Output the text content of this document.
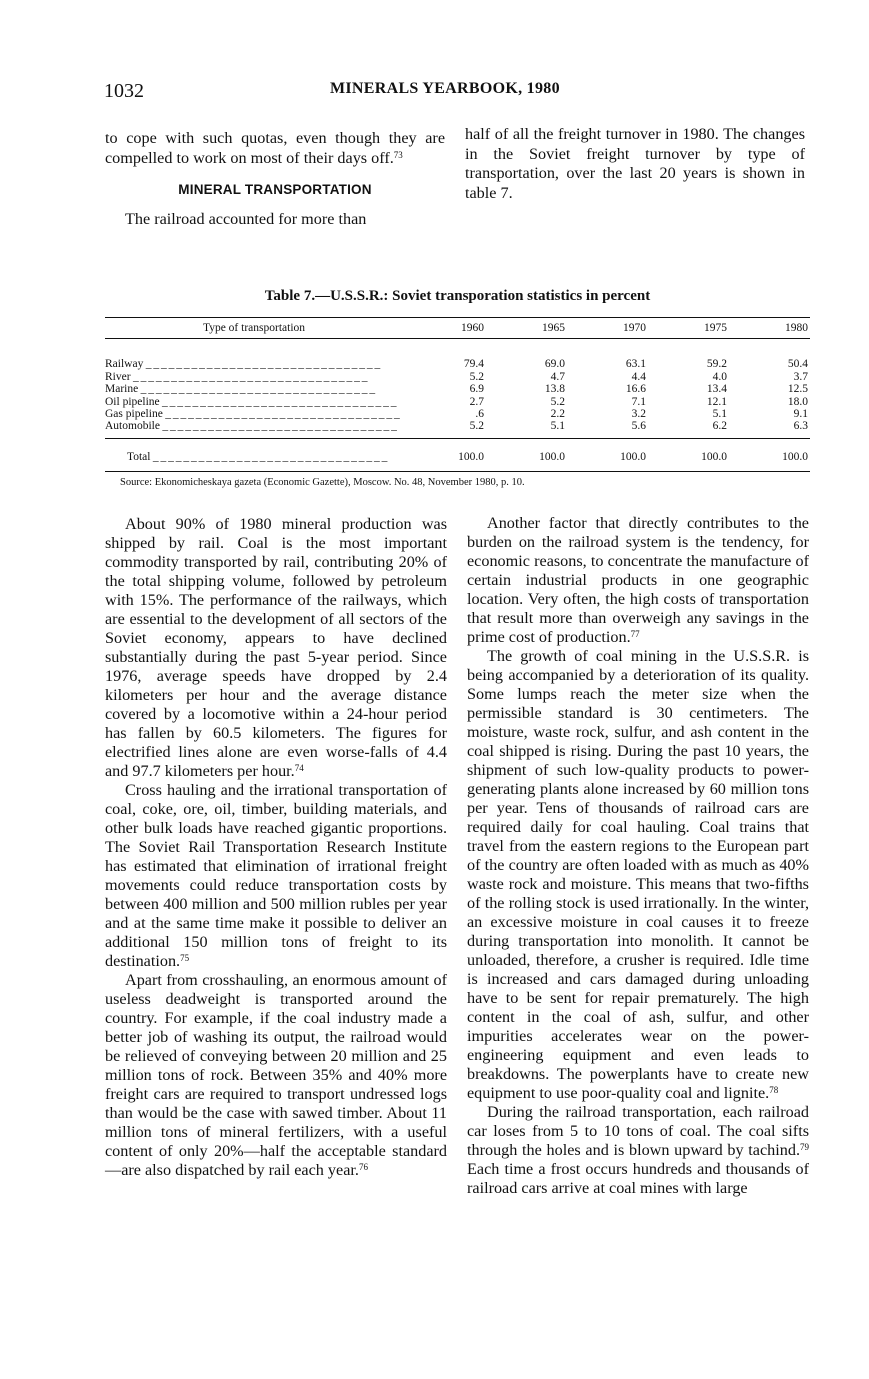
1032	MINERALS YEARBOOK, 1980

to cope with such quotas, even though they are compelled to work on most of their days off.$^{73}$

MINERAL TRANSPORTATION

The railroad accounted for more than

half of all the freight turnover in 1980. The changes in the Soviet freight turnover by type of transportation, over the last 20 years is shown in table 7.

Table 7.—U.S.S.R.: Soviet transporation statistics in percent
Type of transportation	1960	1965	1970	1975	1980
Railway _ _ _	79.4	69.0	63.1	59.2	50.4
River _ _ _	5.2	4.7	4.4	4.0	3.7
Marine _ _ _	6.9	13.8	16.6	13.4	12.5
Oil pipeline _ _ _	2.7	5.2	7.1	12.1	18.0
Gas pipeline _ _ _	.6	2.2	3.2	5.1	9.1
Automobile _ _ _	5.2	5.1	5.6	6.2	6.3
Total _ _ _	100.0	100.0	100.0	100.0	100.0
Source: Ekonomicheskaya gazeta (Economic Gazette), Moscow. No. 48, November 1980, p. 10.

About 90% of 1980 mineral production was shipped by rail. Coal is the most important commodity transported by rail, contributing 20% of the total shipping volume, followed by petroleum with 15%. The performance of the railways, which are essential to the development of all sectors of the Soviet economy, appears to have declined substantially during the past 5-year period. Since 1976, average speeds have dropped by 2.4 kilometers per hour and the average distance covered by a locomotive within a 24-hour period has fallen by 60.5 kilometers. The figures for electrified lines alone are even worse-falls of 4.4 and 97.7 kilometers per hour.$^{74}$

Cross hauling and the irrational transportation of coal, coke, ore, oil, timber, building materials, and other bulk loads have reached gigantic proportions. The Soviet Rail Transportation Research Institute has estimated that elimination of irrational freight movements could reduce transportation costs by between 400 million and 500 million rubles per year and at the same time make it possible to deliver an additional 150 million tons of freight to its destination.$^{75}$

Apart from crosshauling, an enormous amount of useless deadweight is transported around the country. For example, if the coal industry made a better job of washing its output, the railroad would be relieved of conveying between 20 million and 25 million tons of rock. Between 35% and 40% more freight cars are required to transport undressed logs than would be the case with sawed timber. About 11 million tons of mineral fertilizers, with a useful content of only 20%—half the acceptable standard—are also dispatched by rail each year.$^{76}$

Another factor that directly contributes to the burden on the railroad system is the tendency, for economic reasons, to concentrate the manufacture of certain industrial products in one geographic location. Very often, the high costs of transportation that result more than overweigh any savings in the prime cost of production.$^{77}$

The growth of coal mining in the U.S.S.R. is being accompanied by a deterioration of its quality. Some lumps reach the meter size when the permissible standard is 30 centimeters. The moisture, waste rock, sulfur, and ash content in the coal shipped is rising. During the past 10 years, the shipment of such low-quality products to power-generating plants alone increased by 60 million tons per year. Tens of thousands of railroad cars are required daily for coal hauling. Coal trains that travel from the eastern regions to the European part of the country are often loaded with as much as 40% waste rock and moisture. This means that two-fifths of the rolling stock is used irrationally. In the winter, an excessive moisture in coal causes it to freeze during transportation into monolith. It cannot be unloaded, therefore, a crusher is required. Idle time is increased and cars damaged during unloading have to be sent for repair prematurely. The high content in the coal of ash, sulfur, and other impurities accelerates wear on the power-engineering equipment and even leads to breakdowns. The powerplants have to create new equipment to use poor-quality coal and lignite.$^{78}$

During the railroad transportation, each railroad car loses from 5 to 10 tons of coal. The coal sifts through the holes and is blown upward by tachind.$^{79}$ Each time a frost occurs hundreds and thousands of railroad cars arrive at coal mines with large
